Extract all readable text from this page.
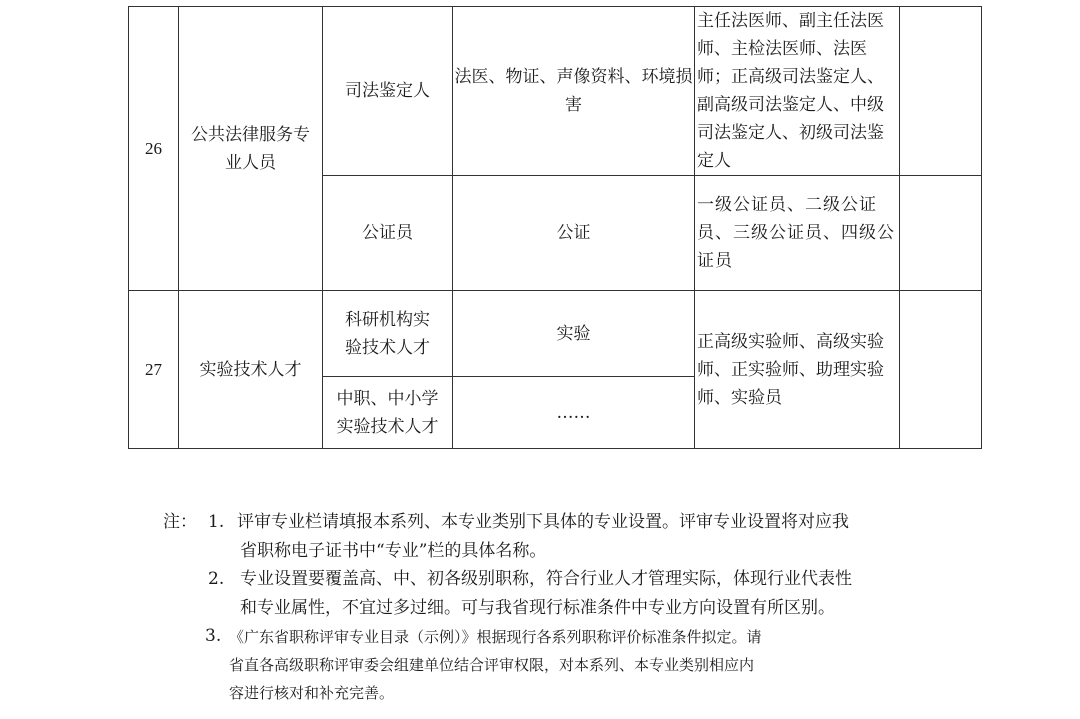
26	公共法律服务专业人员	司法鉴定人	法医、物证、声像资料、环境损害	主任法医师、副主任法医师、主检法医师、法医师；正高级司法鉴定人、副高级司法鉴定人、中级司法鉴定人、初级司法鉴定人	
		公证员	公证	一级公证员、二级公证员、三级公证员、四级公证员	
27	实验技术人才	科研机构实验技术人才	实验	正高级实验师、高级实验师、正实验师、助理实验师、实验员	

		中职、中小学实验技术人才	……		
注： 1. 评审专业栏请填报本系列、本专业类别下具体的专业设置。评审专业设置将对应我
省职称电子证书中“专业”栏的具体名称。
2. 专业设置要覆盖高、中、初各级别职称，符合行业人才管理实际，体现行业代表性
和专业属性，不宜过多过细。可与我省现行标准条件中专业方向设置有所区别。
3. 《广东省职称评审专业目录（示例）》根据现行各系列职称评价标准条件拟定。请
省直各高级职称评审委会组建单位结合评审权限，对本系列、本专业类别相应内
容进行核对和补充完善。
